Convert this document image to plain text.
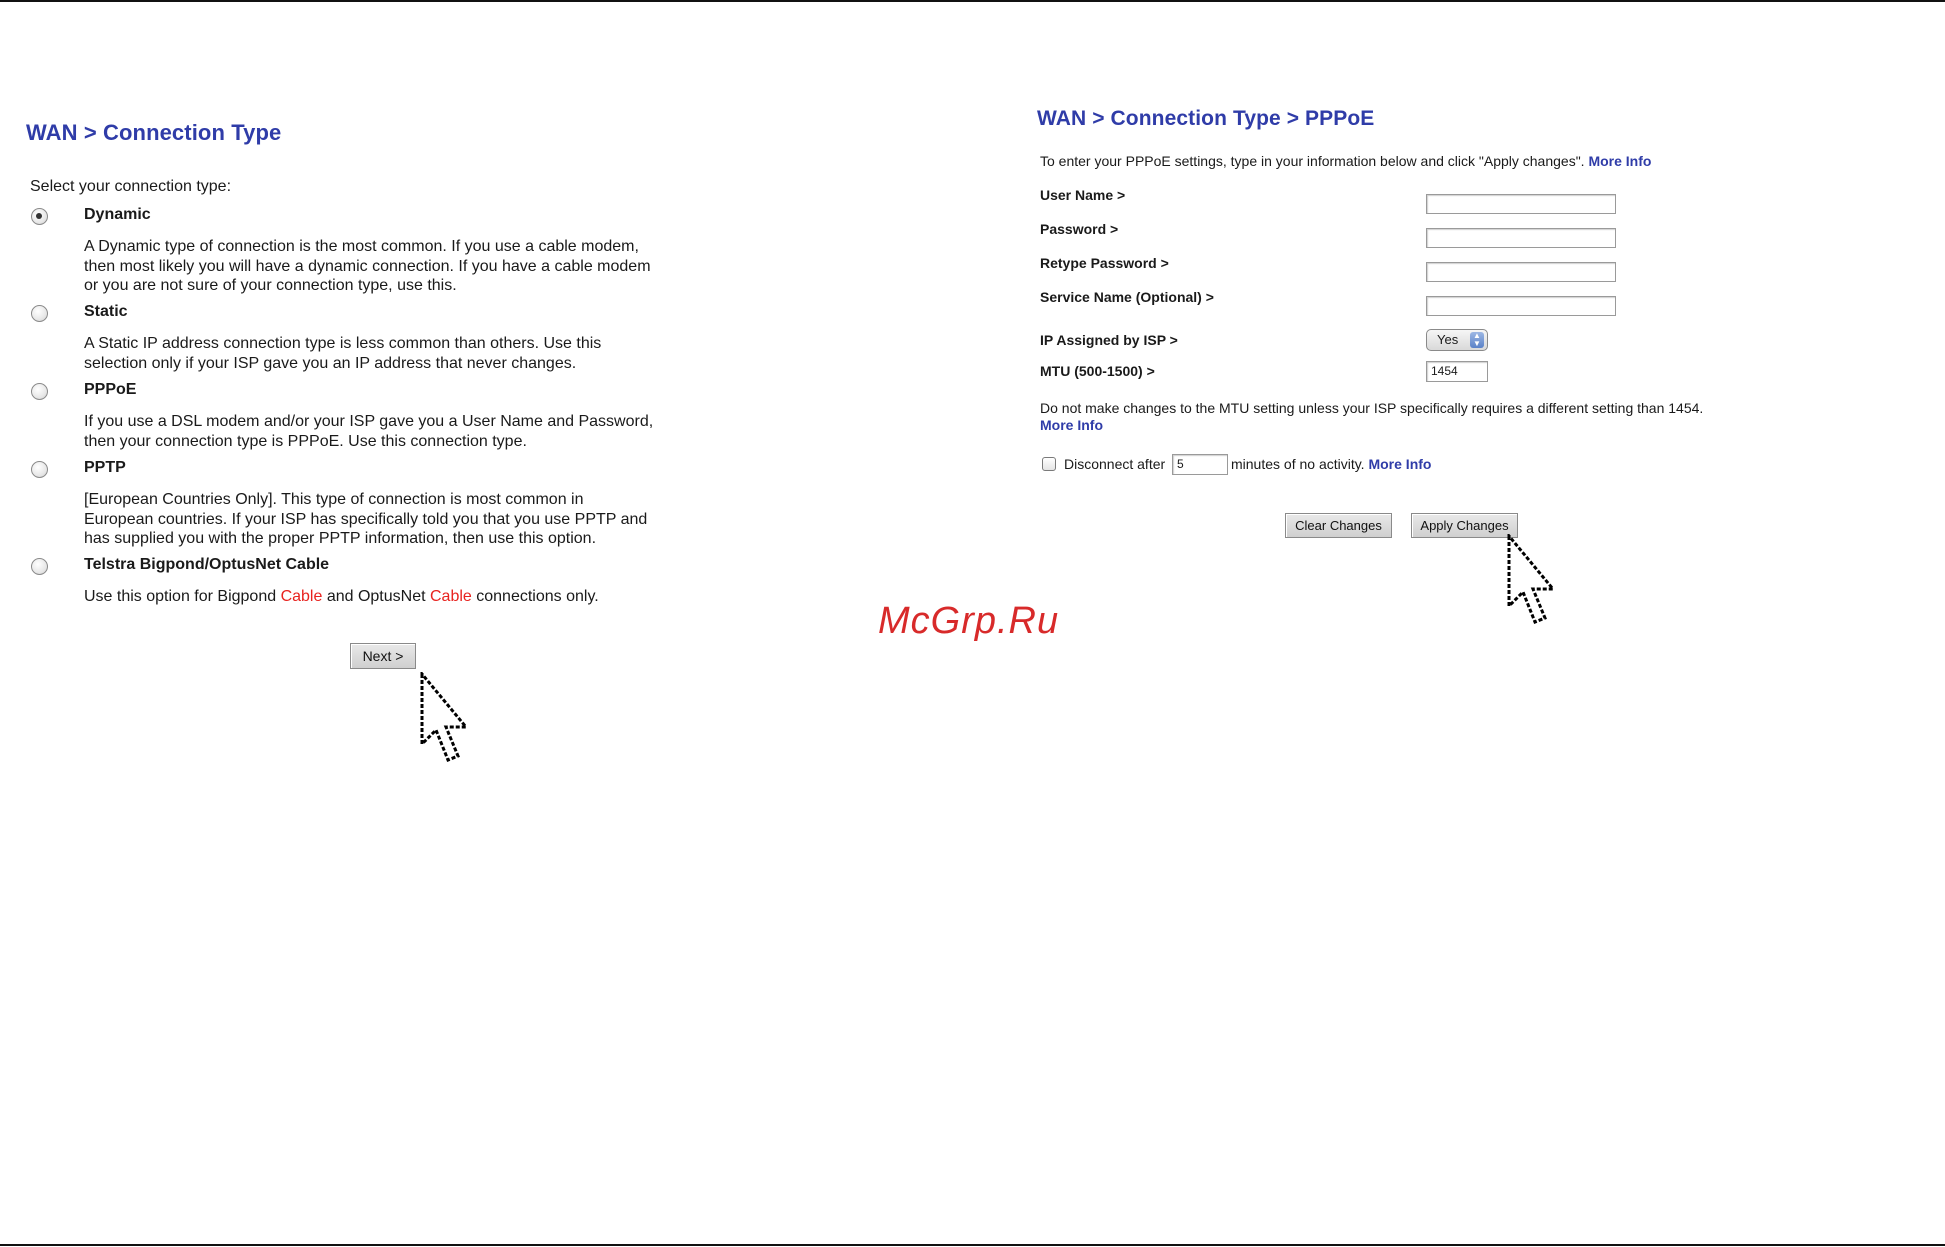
WAN > Connection Type
Select your connection type:
Dynamic
A Dynamic type of connection is the most common. If you use a cable modem,
then most likely you will have a dynamic connection. If you have a cable modem
or you are not sure of your connection type, use this.
Static
A Static IP address connection type is less common than others. Use this
selection only if your ISP gave you an IP address that never changes.
PPPoE
If you use a DSL modem and/or your ISP gave you a User Name and Password,
then your connection type is PPPoE. Use this connection type.
PPTP
[European Countries Only]. This type of connection is most common in
European countries. If your ISP has specifically told you that you use PPTP and
has supplied you with the proper PPTP information, then use this option.
Telstra Bigpond/OptusNet Cable
Use this option for Bigpond Cable and OptusNet Cable connections only.
Next >
WAN > Connection Type > PPPoE
To enter your PPPoE settings, type in your information below and click "Apply changes". More Info
User Name >
Password >
Retype Password >
Service Name (Optional) >
IP Assigned by ISP >	Yes	▲
▼
MTU (500-1500) >	1454
Do not make changes to the MTU setting unless your ISP specifically requires a different setting than 1454.
More Info
Disconnect after 5	minutes of no activity. More Info
Clear Changes	Apply Changes
McGrp.Ru
